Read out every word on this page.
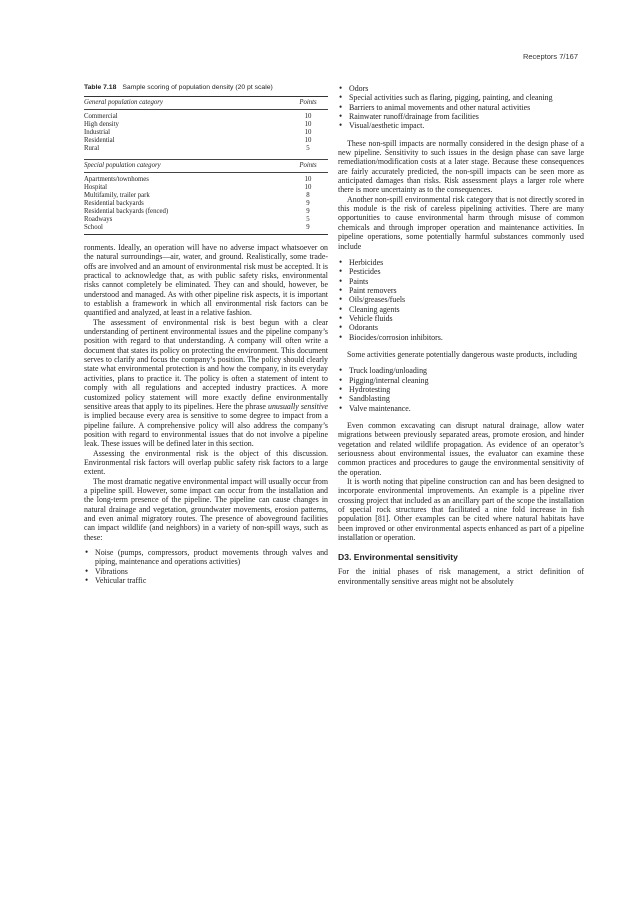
Receptors 7/167
Table 7.18 Sample scoring of population density (20 pt scale)
General population category	Points
Commercial	10
High density	10
Industrial	10
Residential	10
Rural	5

Special population category	Points
Apartments/townhomes	10
Hospital	10
Multifamily, trailer park	8
Residential backyards	9
Residential backyards (fenced)	9
Roadways	5
School	9

ronments. Ideally, an operation will have no adverse impact whatsoever on the natural surroundings—air, water, and ground. Realistically, some trade-offs are involved and an amount of environmental risk must be accepted. It is practical to acknowledge that, as with public safety risks, environmental risks cannot completely be eliminated. They can and should, however, be understood and managed. As with other pipeline risk aspects, it is important to establish a framework in which all environmental risk factors can be quantified and analyzed, at least in a relative fashion.

The assessment of environmental risk is best begun with a clear understanding of pertinent environmental issues and the pipeline company’s position with regard to that understanding. A company will often write a document that states its policy on protecting the environment. This document serves to clarify and focus the company’s position. The policy should clearly state what environmental protection is and how the company, in its everyday activities, plans to practice it. The policy is often a statement of intent to comply with all regulations and accepted industry practices. A more customized policy statement will more exactly define environmentally sensitive areas that apply to its pipelines. Here the phrase unusually sensitive is implied because every area is sensitive to some degree to impact from a pipeline failure. A comprehensive policy will also address the company’s position with regard to environmental issues that do not involve a pipeline leak. These issues will be defined later in this section.

Assessing the environmental risk is the object of this discussion. Environmental risk factors will overlap public safety risk factors to a large extent.

The most dramatic negative environmental impact will usually occur from a pipeline spill. However, some impact can occur from the installation and the long-term presence of the pipeline. The pipeline can cause changes in natural drainage and vegetation, groundwater movements, erosion patterns, and even animal migratory routes. The presence of aboveground facilities can impact wildlife (and neighbors) in a variety of non-spill ways, such as these:

• Noise (pumps, compressors, product movements through valves and piping, maintenance and operations activities)
• Vibrations
• Vehicular traffic
• Odors
• Special activities such as flaring, pigging, painting, and cleaning
• Barriers to animal movements and other natural activities
• Rainwater runoff/drainage from facilities
• Visual/aesthetic impact.

These non-spill impacts are normally considered in the design phase of a new pipeline. Sensitivity to such issues in the design phase can save large remediation/modification costs at a later stage. Because these consequences are fairly accurately predicted, the non-spill impacts can be seen more as anticipated damages than risks. Risk assessment plays a larger role where there is more uncertainty as to the consequences.

Another non-spill environmental risk category that is not directly scored in this module is the risk of careless pipelining activities. There are many opportunities to cause environmental harm through misuse of common chemicals and through improper operation and maintenance activities. In pipeline operations, some potentially harmful substances commonly used include

• Herbicides
• Pesticides
• Paints
• Paint removers
• Oils/greases/fuels
• Cleaning agents
• Vehicle fluids
• Odorants
• Biocides/corrosion inhibitors.

Some activities generate potentially dangerous waste products, including

• Truck loading/unloading
• Pigging/internal cleaning
• Hydrotesting
• Sandblasting
• Valve maintenance.

Even common excavating can disrupt natural drainage, allow water migrations between previously separated areas, promote erosion, and hinder vegetation and related wildlife propagation. As evidence of an operator’s seriousness about environmental issues, the evaluator can examine these common practices and procedures to gauge the environmental sensitivity of the operation.

It is worth noting that pipeline construction can and has been designed to incorporate environmental improvements. An example is a pipeline river crossing project that included as an ancillary part of the scope the installation of special rock structures that facilitated a nine fold increase in fish population [81]. Other examples can be cited where natural habitats have been improved or other environmental aspects enhanced as part of a pipeline installation or operation.

D3. Environmental sensitivity

For the initial phases of risk management, a strict definition of environmentally sensitive areas might not be absolutely
